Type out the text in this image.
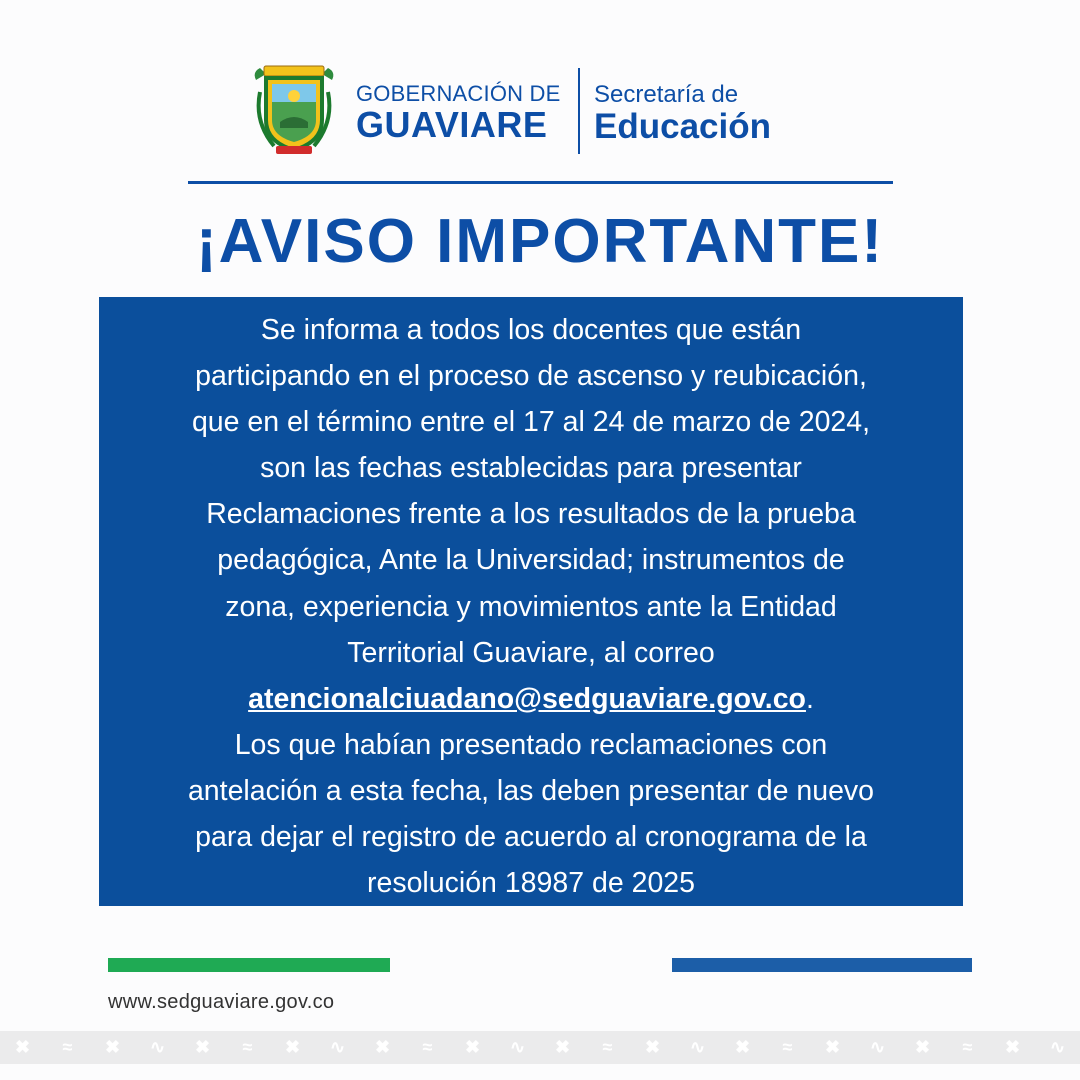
GOBERNACIÓN DE
GUAVIARE
Secretaría de
Educación
¡AVISO IMPORTANTE!

Se informa a todos los docentes que están
participando en el proceso de ascenso y reubicación,
que en el término entre el 17 al 24 de marzo de 2024,
son las fechas establecidas para presentar
Reclamaciones frente a los resultados de la prueba
pedagógica, Ante la Universidad; instrumentos de
zona, experiencia y movimientos ante la Entidad
Territorial Guaviare, al correo
atencionalciuadano@sedguaviare.gov.co.
Los que habían presentado reclamaciones con
antelación a esta fecha, las deben presentar de nuevo
para dejar el registro de acuerdo al cronograma de la
resolución 18987 de 2025

www.sedguaviare.gov.co
✖	≈	✖	∿	✖	≈	✖	∿	✖	≈	✖	∿	✖	≈	✖	∿	✖	≈	✖	∿	✖	≈	✖	∿
